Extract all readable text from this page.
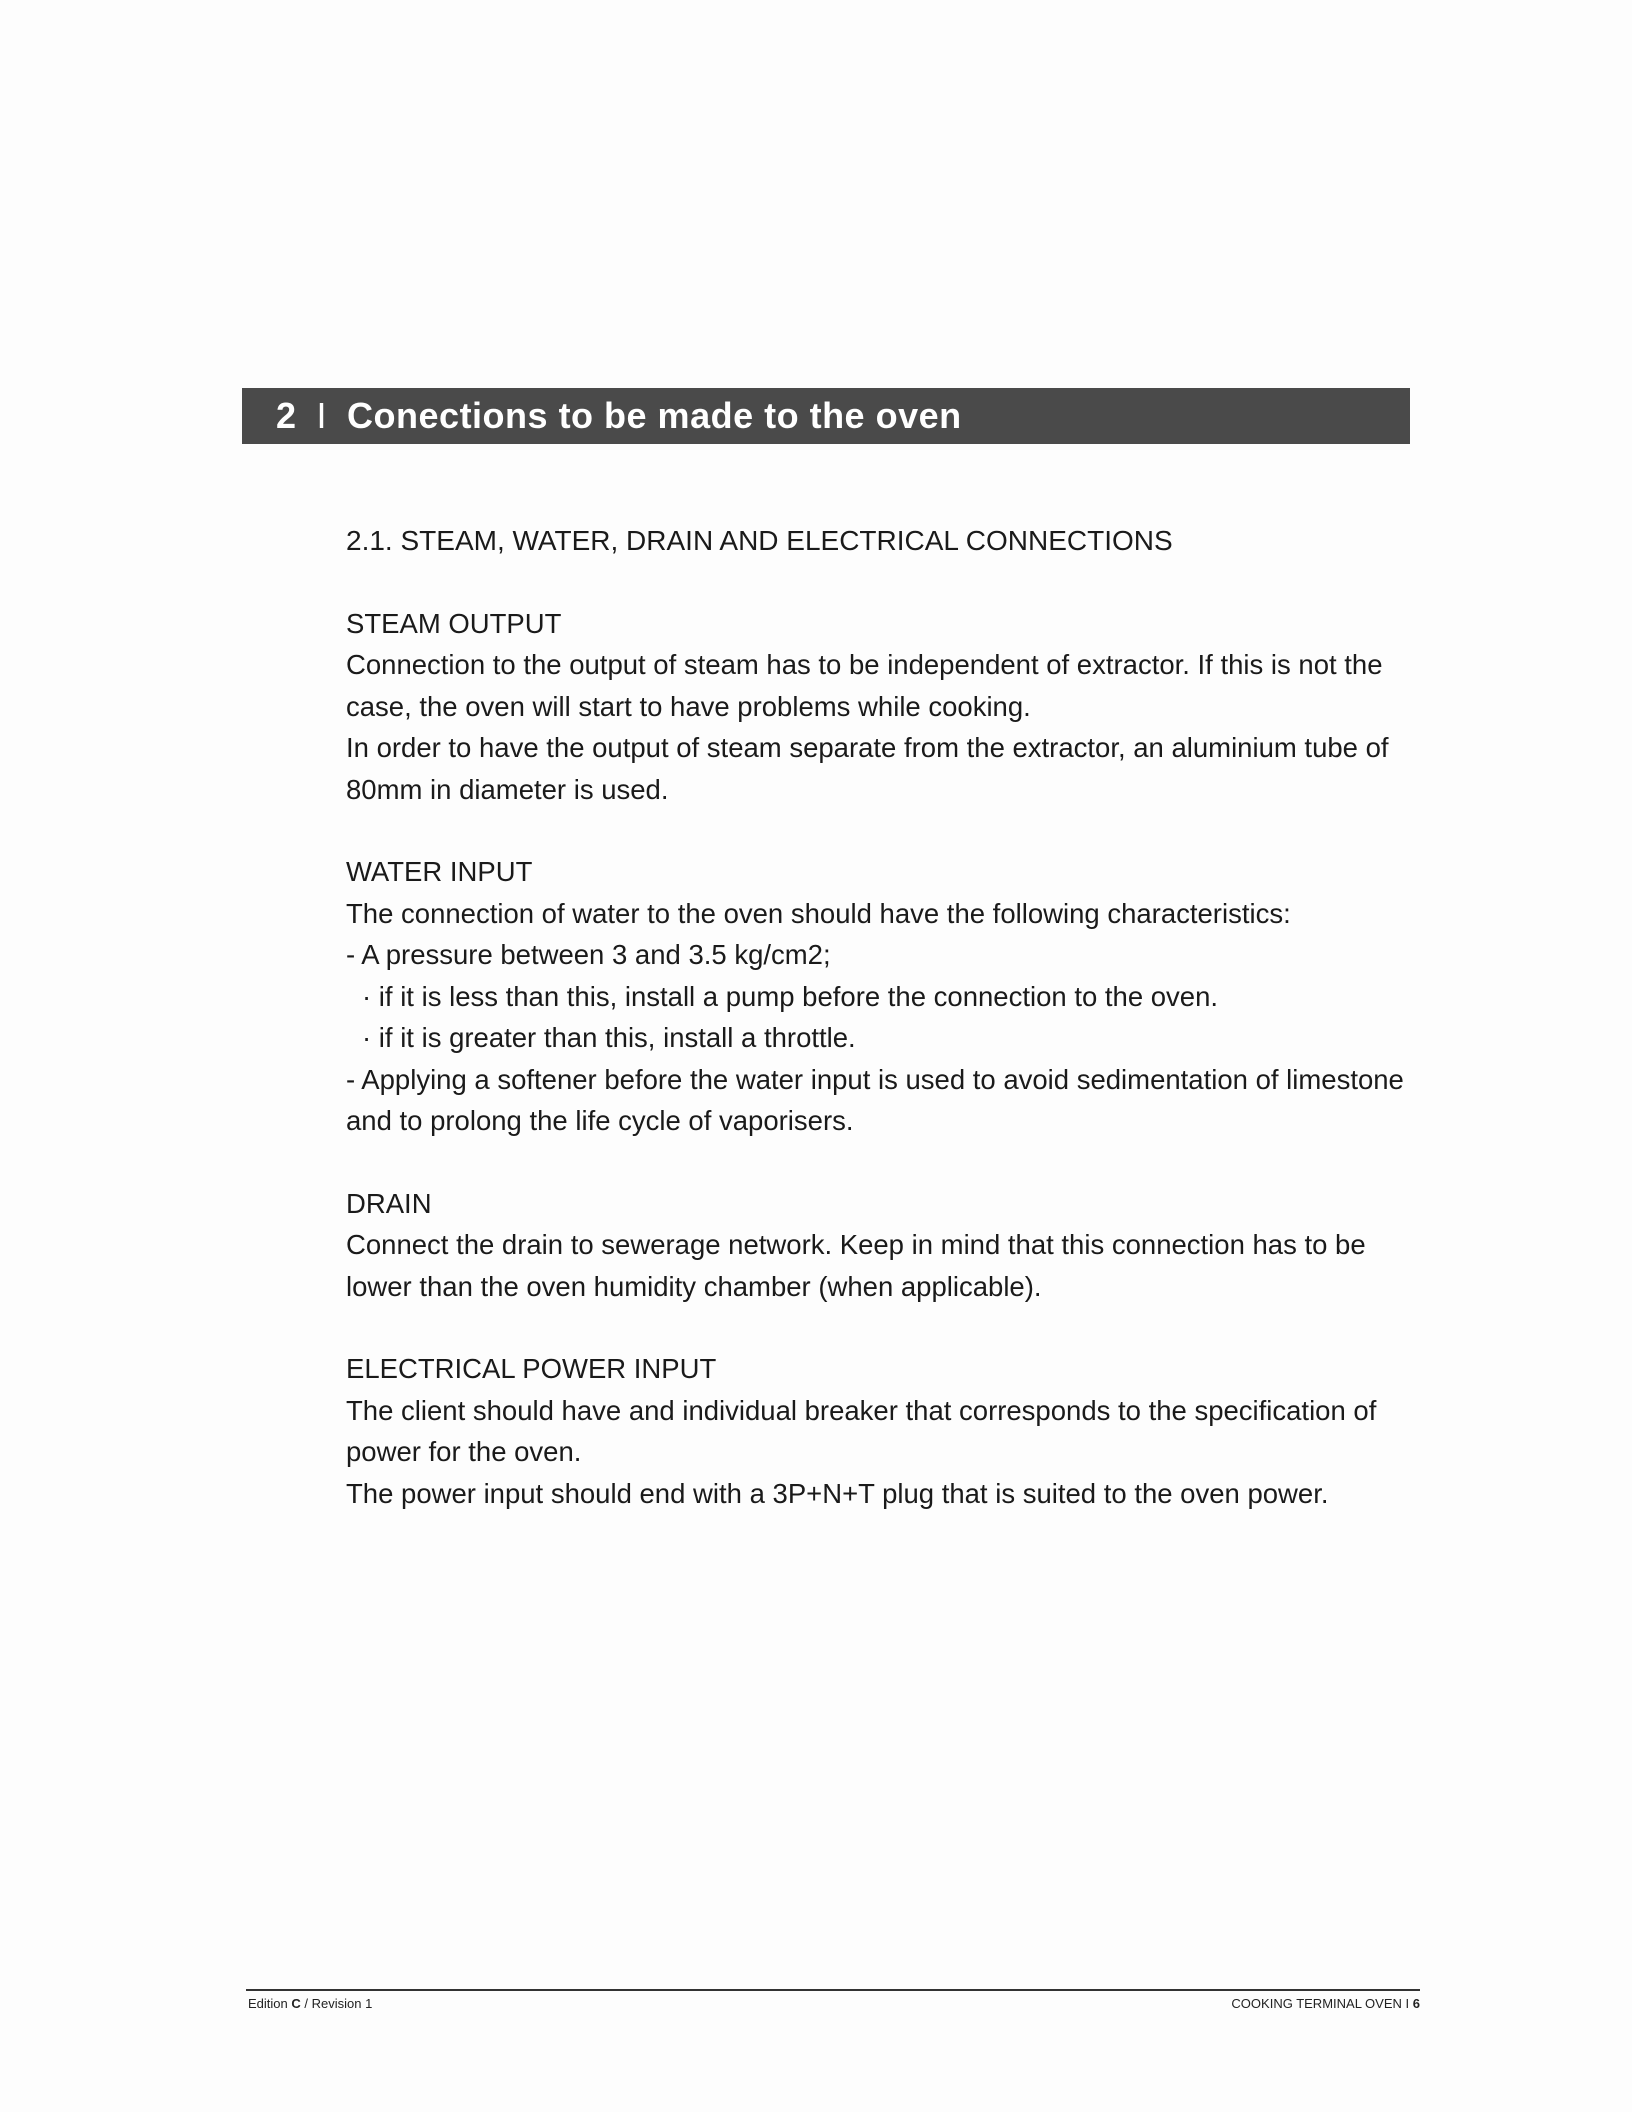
2 I Conections to be made to the oven
2.1. STEAM, WATER, DRAIN AND ELECTRICAL CONNECTIONS
STEAM OUTPUT

Connection to the output of steam has to be independent of extractor. If this is not the case, the oven will start to have problems while cooking.

In order to have the output of steam separate from the extractor, an aluminium tube of 80mm in diameter is used.

WATER INPUT

The connection of water to the oven should have the following characteristics:

- A pressure between 3 and 3.5 kg/cm2;

· if it is less than this, install a pump before the connection to the oven.

· if it is greater than this, install a throttle.

- Applying a softener before the water input is used to avoid sedimentation of limestone and to prolong the life cycle of vaporisers.

DRAIN

Connect the drain to sewerage network. Keep in mind that this connection has to be lower than the oven humidity chamber (when applicable).

ELECTRICAL POWER INPUT

The client should have and individual breaker that corresponds to the specification of power for the oven.

The power input should end with a 3P+N+T plug that is suited to the oven power.

Edition C / Revision 1	COOKING TERMINAL OVEN I 6
